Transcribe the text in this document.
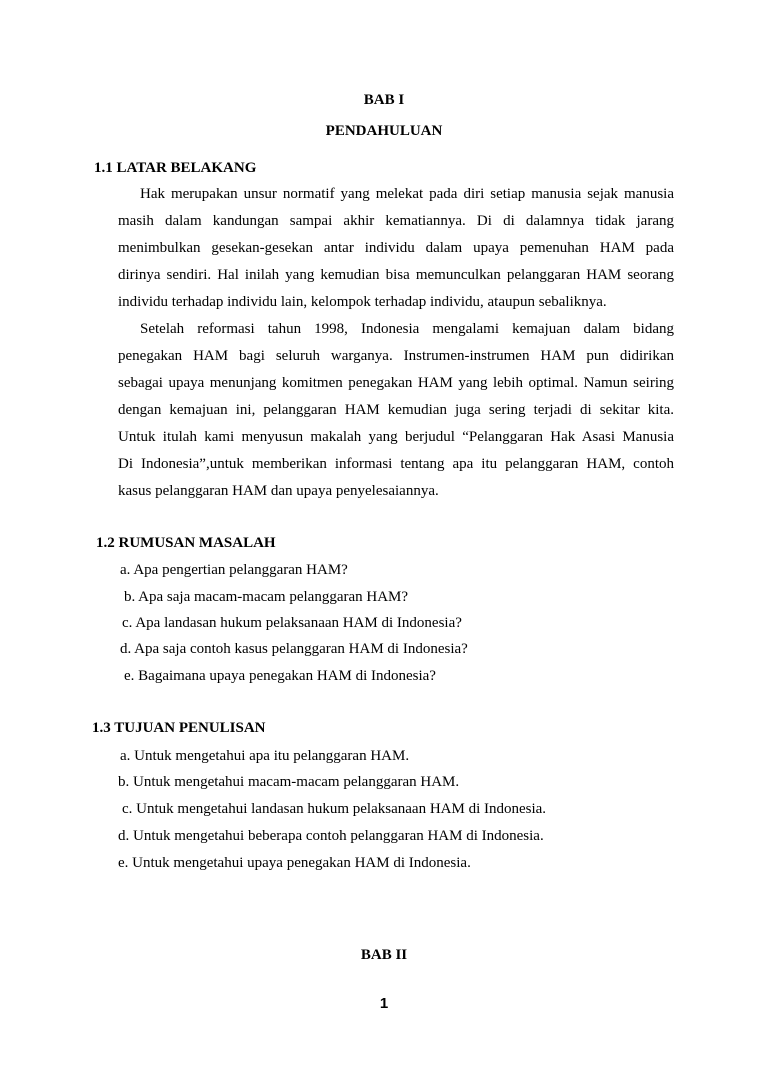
BAB I
PENDAHULUAN
1.1 LATAR BELAKANG
Hak merupakan unsur normatif yang melekat pada diri setiap manusia sejak manusia
masih dalam kandungan sampai akhir kematiannya. Di di dalamnya tidak jarang
menimbulkan gesekan-gesekan antar individu dalam upaya pemenuhan HAM pada
dirinya sendiri. Hal inilah yang kemudian bisa memunculkan pelanggaran HAM seorang
individu terhadap individu lain, kelompok terhadap individu, ataupun sebaliknya.
Setelah reformasi tahun 1998, Indonesia mengalami kemajuan dalam bidang
penegakan HAM bagi seluruh warganya. Instrumen-instrumen HAM pun didirikan
sebagai upaya menunjang komitmen penegakan HAM yang lebih optimal. Namun seiring
dengan kemajuan ini, pelanggaran HAM kemudian juga sering terjadi di sekitar kita.
Untuk itulah kami menyusun makalah yang berjudul “Pelanggaran Hak Asasi Manusia
Di Indonesia”,untuk memberikan informasi tentang apa itu pelanggaran HAM, contoh
kasus pelanggaran HAM dan upaya penyelesaiannya.
1.2 RUMUSAN MASALAH
a. Apa pengertian pelanggaran HAM?
b. Apa saja macam-macam pelanggaran HAM?
c. Apa landasan hukum pelaksanaan HAM di Indonesia?
d. Apa saja contoh kasus pelanggaran HAM di Indonesia?
e. Bagaimana upaya penegakan HAM di Indonesia?
1.3 TUJUAN PENULISAN
a. Untuk mengetahui apa itu pelanggaran HAM.
b. Untuk mengetahui macam-macam pelanggaran HAM.
c. Untuk mengetahui landasan hukum pelaksanaan HAM di Indonesia.
d. Untuk mengetahui beberapa contoh pelanggaran HAM di Indonesia.
e. Untuk mengetahui upaya penegakan HAM di Indonesia.
BAB II
1
